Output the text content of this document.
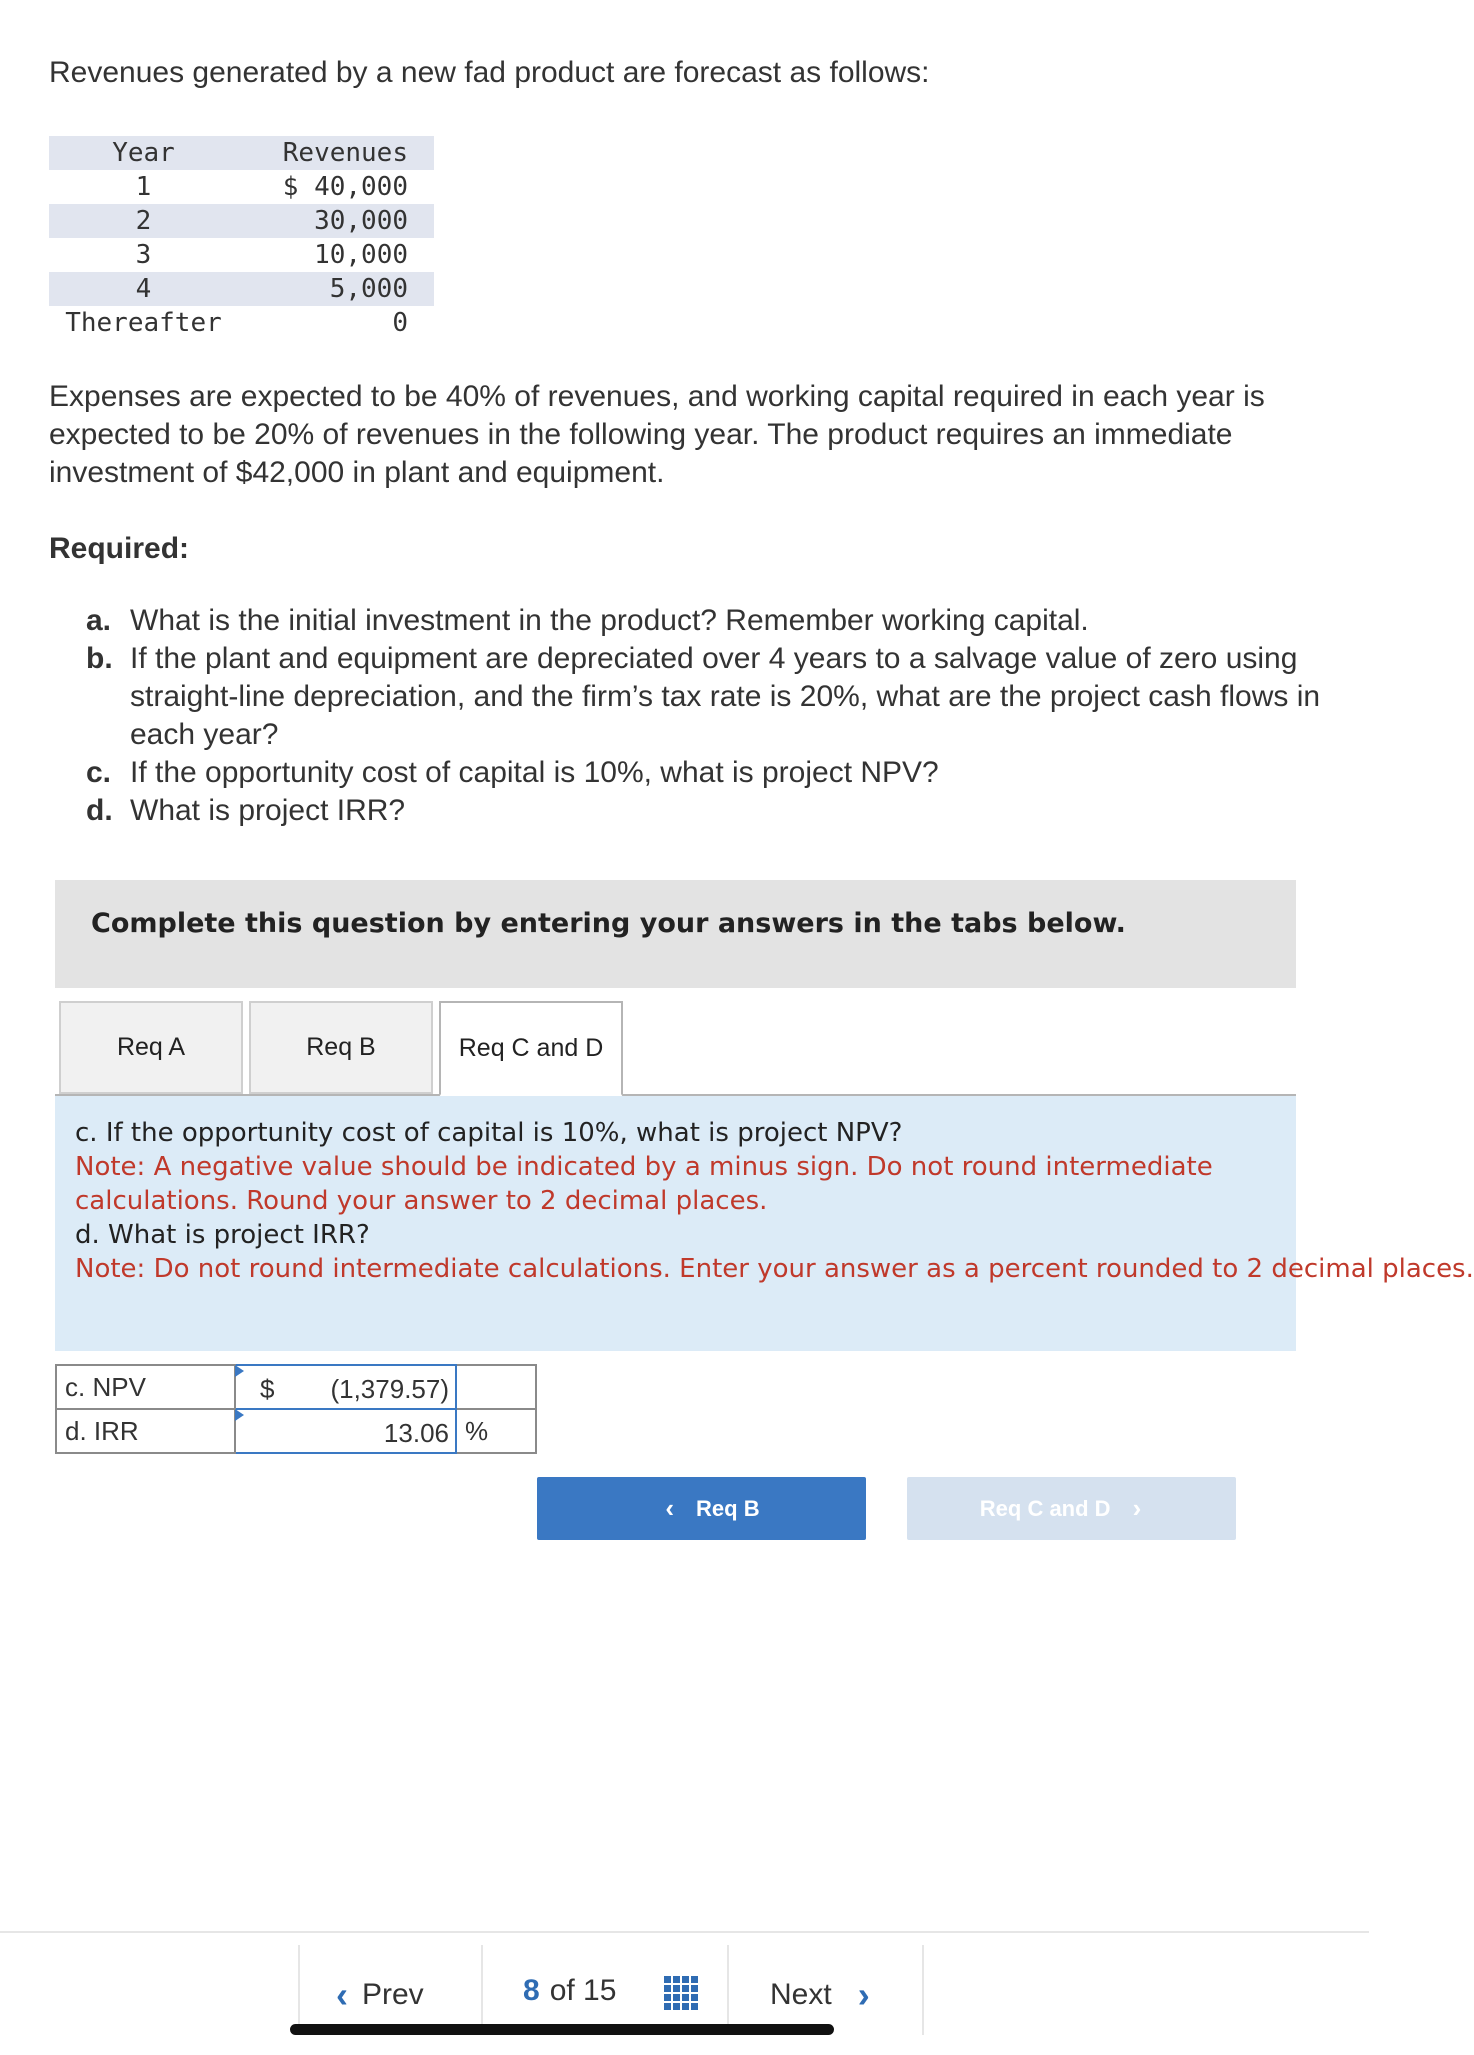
Revenues generated by a new fad product are forecast as follows:
Year	Revenues
1	$ 40,000
2	30,000
3	10,000
4	5,000
Thereafter	0
Expenses are expected to be 40% of revenues, and working capital required in each year is expected to be 20% of revenues in the following year. The product requires an immediate investment of $42,000 in plant and equipment.
Required:
a. What is the initial investment in the product? Remember working capital.
b. If the plant and equipment are depreciated over 4 years to a salvage value of zero using straight-line depreciation, and the firm’s tax rate is 20%, what are the project cash flows in each year?
c. If the opportunity cost of capital is 10%, what is project NPV?
d. What is project IRR?
Complete this question by entering your answers in the tabs below.
Req A	Req B	Req C and D
c. If the opportunity cost of capital is 10%, what is project NPV?
Note: A negative value should be indicated by a minus sign. Do not round intermediate calculations. Round your answer to 2 decimal places.
d. What is project IRR?
Note: Do not round intermediate calculations. Enter your answer as a percent rounded to 2 decimal places.
c. NPV	$ (1,379.57)	

d. IRR	13.06	%
‹ Req B	Req C and D ›
‹ Prev	8 of 15	Next ›
